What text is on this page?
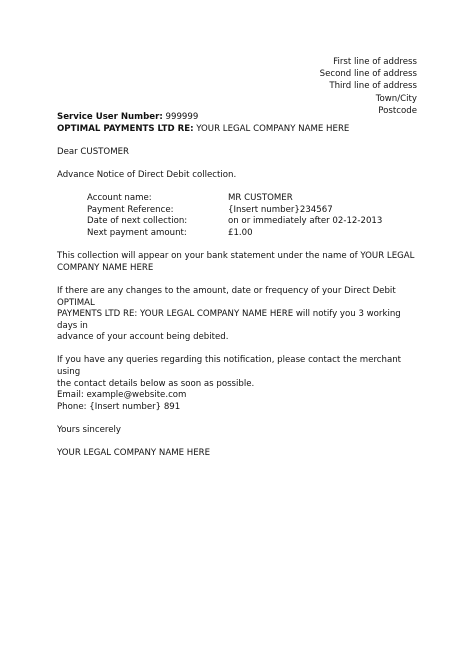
First line of address
Second line of address
Third line of address
Town/City
Postcode
Service User Number: 999999
OPTIMAL PAYMENTS LTD RE: YOUR LEGAL COMPANY NAME HERE
Dear CUSTOMER
Advance Notice of Direct Debit collection.
Account name:	MR CUSTOMER
Payment Reference:	{Insert number}234567
Date of next collection:	on or immediately after 02-12-2013
Next payment amount:	£1.00
This collection will appear on your bank statement under the name of YOUR LEGAL
COMPANY NAME HERE
If there are any changes to the amount, date or frequency of your Direct Debit OPTIMAL
PAYMENTS LTD RE: YOUR LEGAL COMPANY NAME HERE will notify you 3 working days in
advance of your account being debited.
If you have any queries regarding this notification, please contact the merchant using
the contact details below as soon as possible.
Email: example@website.com
Phone: {Insert number} 891
Yours sincerely
YOUR LEGAL COMPANY NAME HERE
